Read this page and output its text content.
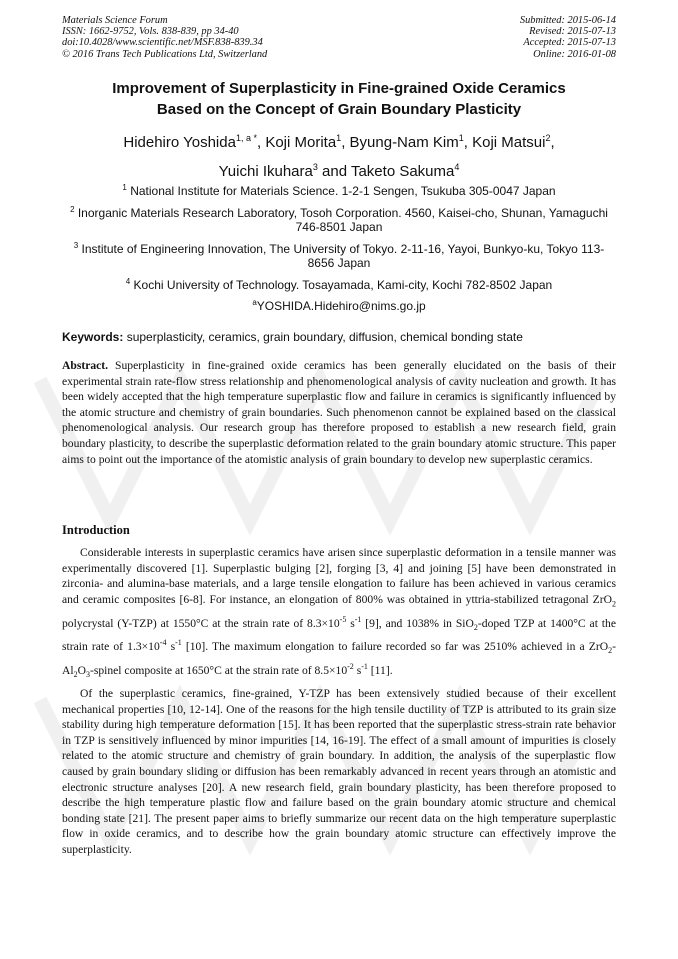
Materials Science Forum
ISSN: 1662-9752, Vols. 838-839, pp 34-40
doi:10.4028/www.scientific.net/MSF.838-839.34
© 2016 Trans Tech Publications Ltd, Switzerland
Submitted: 2015-06-14
Revised: 2015-07-13
Accepted: 2015-07-13
Online: 2016-01-08
Improvement of Superplasticity in Fine-grained Oxide Ceramics
Based on the Concept of Grain Boundary Plasticity
Hidehiro Yoshida$^{1, a *}$, Koji Morita$^1$, Byung-Nam Kim$^1$, Koji Matsui$^2$,
Yuichi Ikuhara$^3$ and Taketo Sakuma$^4$
$^1$ National Institute for Materials Science. 1-2-1 Sengen, Tsukuba 305-0047 Japan
$^2$ Inorganic Materials Research Laboratory, Tosoh Corporation. 4560, Kaisei-cho, Shunan, Yamaguchi 746-8501 Japan
$^3$ Institute of Engineering Innovation, The University of Tokyo. 2-11-16, Yayoi, Bunkyo-ku, Tokyo 113-8656 Japan
$^4$ Kochi University of Technology. Tosayamada, Kami-city, Kochi 782-8502 Japan
$^a$YOSHIDA.Hidehiro@nims.go.jp
Keywords: superplasticity, ceramics, grain boundary, diffusion, chemical bonding state
Abstract. Superplasticity in fine-grained oxide ceramics has been generally elucidated on the basis of their experimental strain rate-flow stress relationship and phenomenological analysis of cavity nucleation and growth. It has been widely accepted that the high temperature superplastic flow and failure in ceramics is significantly influenced by the atomic structure and chemistry of grain boundaries. Such phenomenon cannot be explained based on the classical phenomenological analysis. Our research group has therefore proposed to establish a new research field, grain boundary plasticity, to describe the superplastic deformation related to the grain boundary atomic structure. This paper aims to point out the importance of the atomistic analysis of grain boundary to develop new superplastic ceramics.
Introduction
Considerable interests in superplastic ceramics have arisen since superplastic deformation in a tensile manner was experimentally discovered [1]. Superplastic bulging [2], forging [3, 4] and joining [5] have been demonstrated in zirconia- and alumina-base materials, and a large tensile elongation to failure has been achieved in various ceramics and ceramic composites [6-8]. For instance, an elongation of 800% was obtained in yttria-stabilized tetragonal ZrO$_2$ polycrystal (Y-TZP) at 1550°C at the strain rate of $8.3\times 10^{-5}$ $s^{-1}$ [9], and 1038% in SiO$_2$-doped TZP at 1400°C at the strain rate of $1.3\times 10^{-4}$ $s^{-1}$ [10]. The maximum elongation to failure recorded so far was 2510% achieved in a $ZrO_2-Al_2O_3$-spinel composite at 1650°C at the strain rate of $8.5\times 10^{-2}$ $s^{-1}$ [11].
Of the superplastic ceramics, fine-grained, Y-TZP has been extensively studied because of their excellent mechanical properties [10, 12-14]. One of the reasons for the high tensile ductility of TZP is attributed to its grain size stability during high temperature deformation [15]. It has been reported that the superplastic stress-strain rate behavior in TZP is sensitively influenced by minor impurities [14, 16-19]. The effect of a small amount of impurities is closely related to the atomic structure and chemistry of grain boundary. In addition, the analysis of the superplastic flow caused by grain boundary sliding or diffusion has been remarkably advanced in recent years through an atomistic and electronic structure analyses [20]. A new research field, grain boundary plasticity, has been therefore proposed to describe the high temperature plastic flow and failure based on the grain boundary atomic structure and chemical bonding state [21]. The present paper aims to briefly summarize our recent data on the high temperature superplastic flow in oxide ceramics, and to describe how the grain boundary atomic structure can effectively improve the superplasticity.
